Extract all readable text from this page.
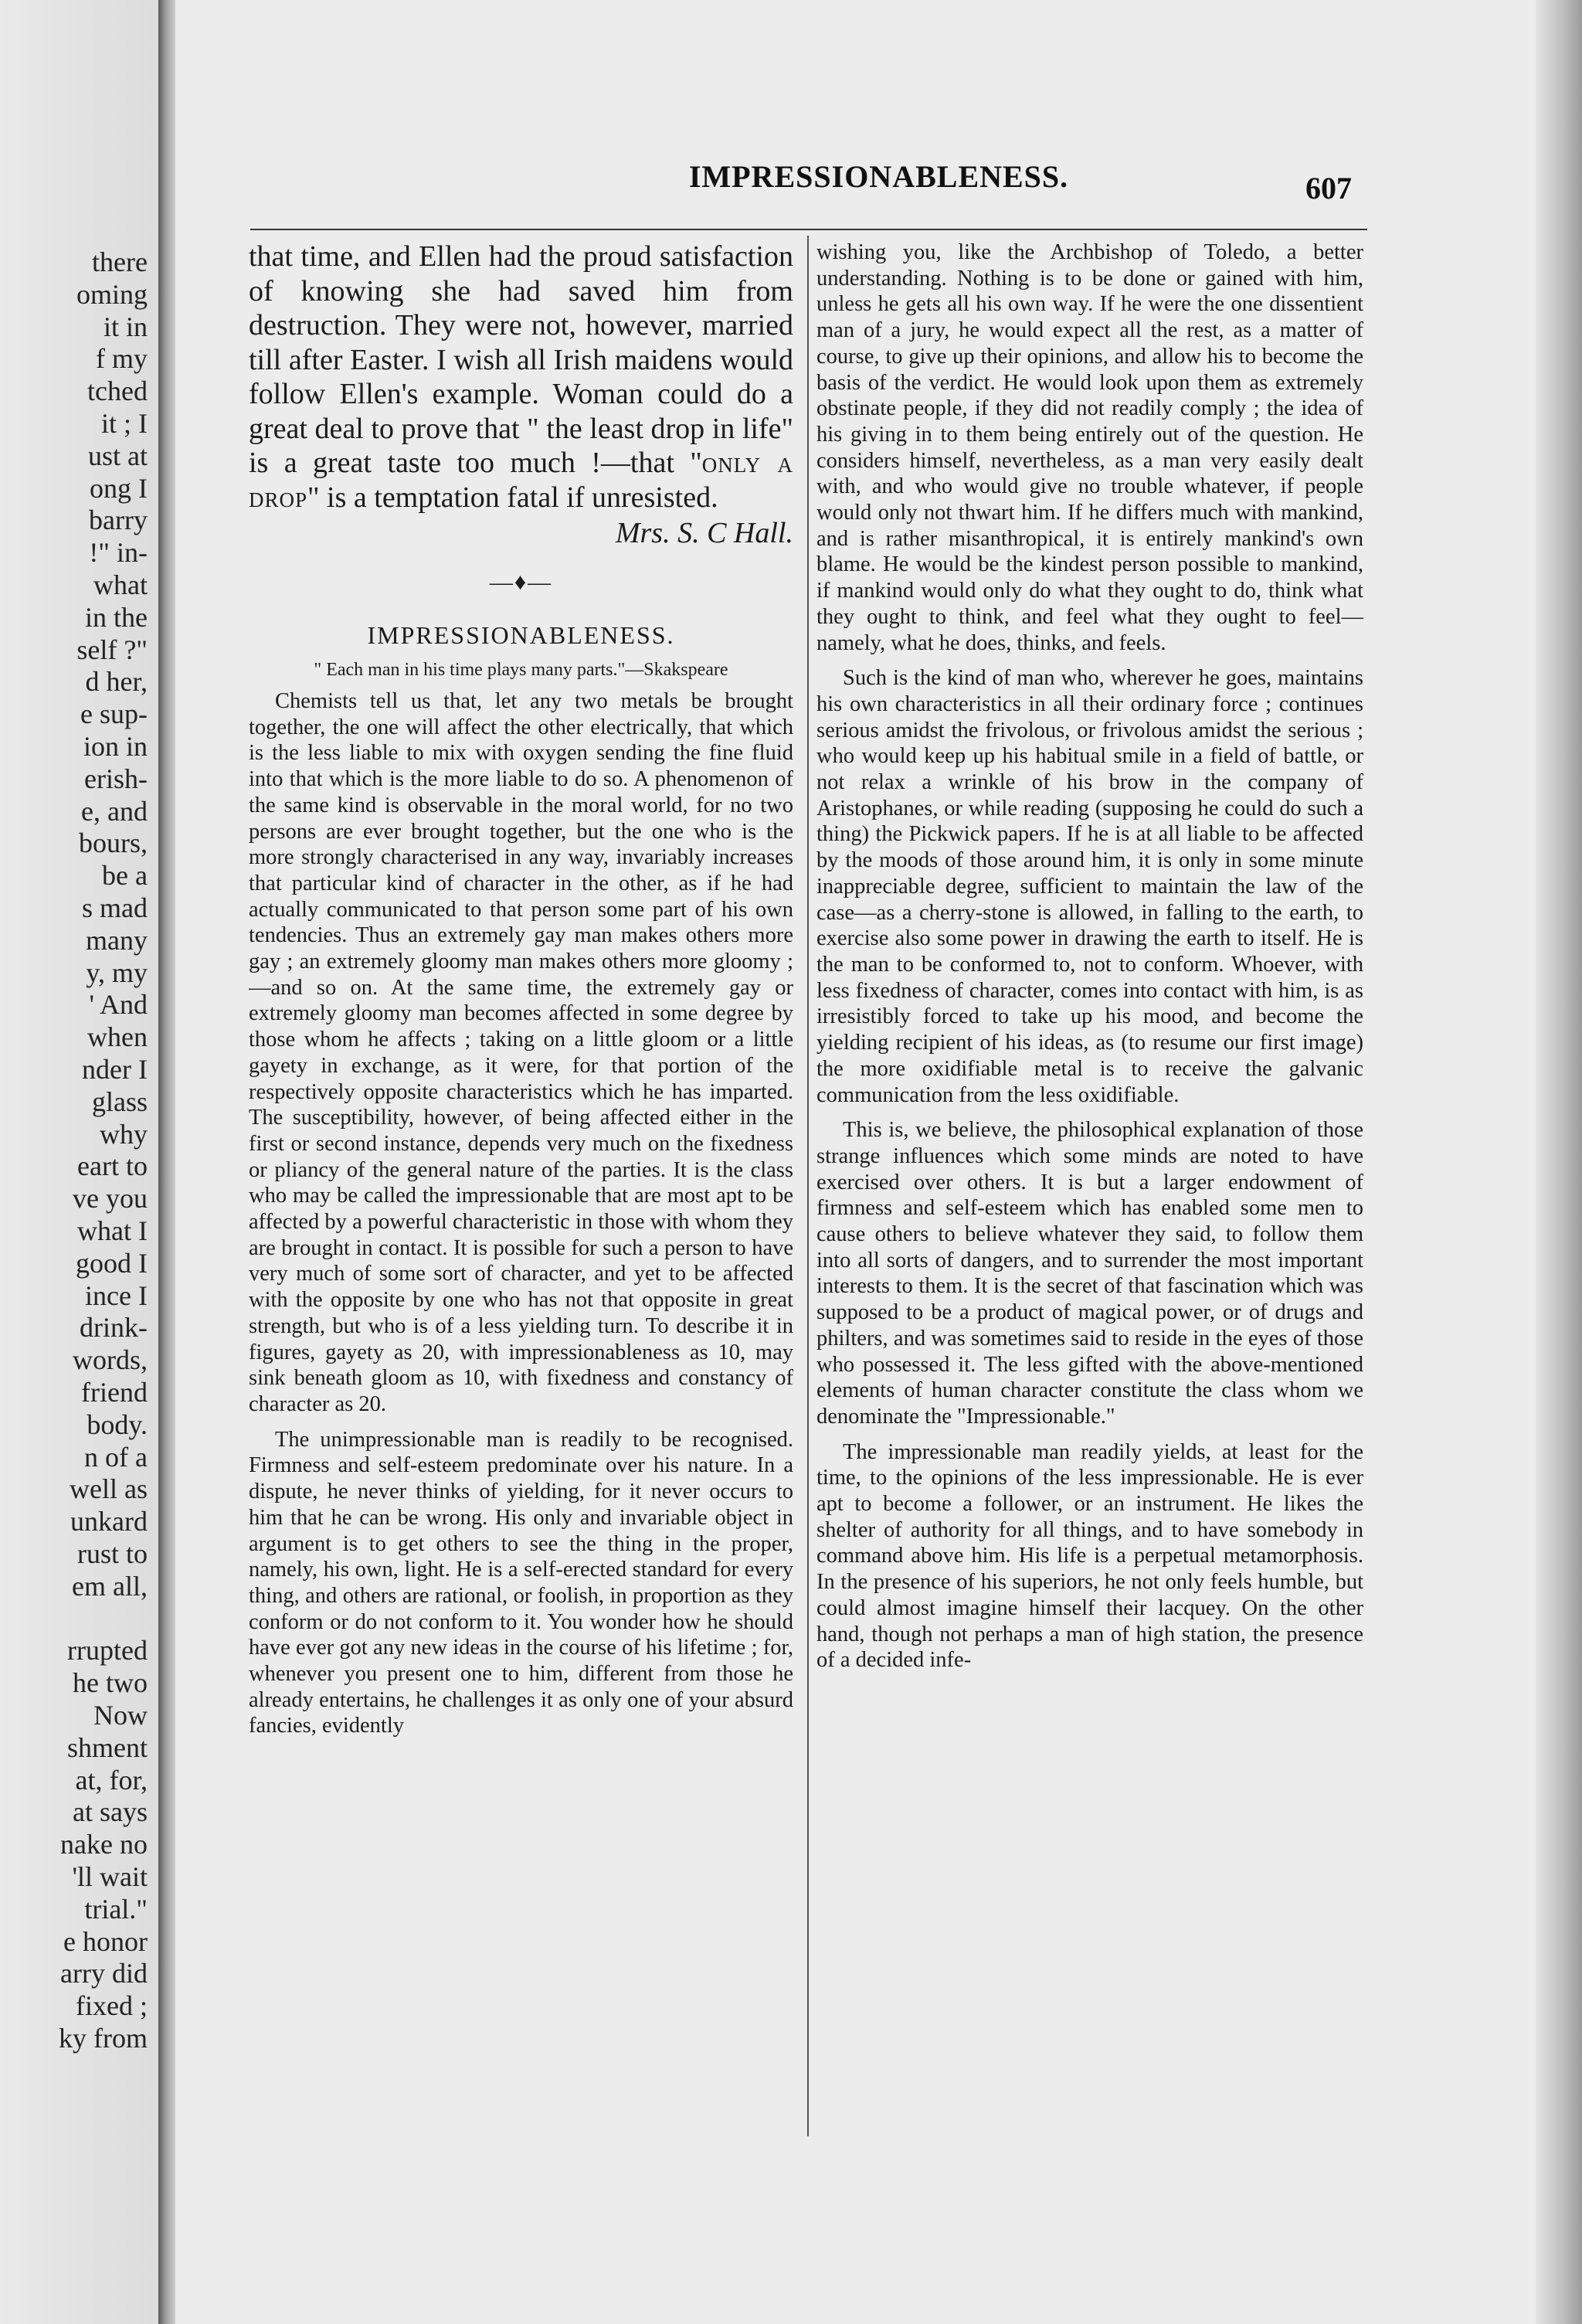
there
oming
it in
f my
tched
it ; I
ust at
ong I
barry
!" in-
what
in the
self ?"
d her,
e sup-
ion in
erish-
e, and
bours,
be a
s mad
many
y, my
' And
when
nder I
glass
why
eart to
ve you
what I
good I
ince I
drink-
words,
friend
body.
n of a
well as
unkard
rust to
em all,
rrupted
he two
Now
shment
at, for,
at says
nake no
'll wait
trial."
e honor
arry did
fixed ;
ky from
IMPRESSIONABLENESS.	607

that time, and Ellen had the proud satisfaction of knowing she had saved him from destruction. They were not, however, married till after Easter. I wish all Irish maidens would follow Ellen's example. Woman could do a great deal to prove that " the least drop in life" is a great taste too much !—that "only a drop" is a temptation fatal if unresisted.

Mrs. S. C Hall.
—♦—
IMPRESSIONABLENESS.
" Each man in his time plays many parts."—Skakspeare

Chemists tell us that, let any two metals be brought together, the one will affect the other electrically, that which is the less liable to mix with oxygen sending the fine fluid into that which is the more liable to do so. A phenomenon of the same kind is observable in the moral world, for no two persons are ever brought together, but the one who is the more strongly characterised in any way, invariably increases that particular kind of character in the other, as if he had actually communicated to that person some part of his own tendencies. Thus an extremely gay man makes others more gay ; an extremely gloomy man makes others more gloomy ;—and so on. At the same time, the extremely gay or extremely gloomy man becomes affected in some degree by those whom he affects ; taking on a little gloom or a little gayety in exchange, as it were, for that portion of the respectively opposite characteristics which he has imparted. The susceptibility, however, of being affected either in the first or second instance, depends very much on the fixedness or pliancy of the general nature of the parties. It is the class who may be called the impressionable that are most apt to be affected by a powerful characteristic in those with whom they are brought in contact. It is possible for such a person to have very much of some sort of character, and yet to be affected with the opposite by one who has not that opposite in great strength, but who is of a less yielding turn. To describe it in figures, gayety as 20, with impressionableness as 10, may sink beneath gloom as 10, with fixedness and constancy of character as 20.

The unimpressionable man is readily to be recognised. Firmness and self-esteem predominate over his nature. In a dispute, he never thinks of yielding, for it never occurs to him that he can be wrong. His only and invariable object in argument is to get others to see the thing in the proper, namely, his own, light. He is a self-erected standard for every thing, and others are rational, or foolish, in proportion as they conform or do not conform to it. You wonder how he should have ever got any new ideas in the course of his lifetime ; for, whenever you present one to him, different from those he already entertains, he challenges it as only one of your absurd fancies, evidently

wishing you, like the Archbishop of Toledo, a better understanding. Nothing is to be done or gained with him, unless he gets all his own way. If he were the one dissentient man of a jury, he would expect all the rest, as a matter of course, to give up their opinions, and allow his to become the basis of the verdict. He would look upon them as extremely obstinate people, if they did not readily comply ; the idea of his giving in to them being entirely out of the question. He considers himself, nevertheless, as a man very easily dealt with, and who would give no trouble whatever, if people would only not thwart him. If he differs much with mankind, and is rather misanthropical, it is entirely mankind's own blame. He would be the kindest person possible to mankind, if mankind would only do what they ought to do, think what they ought to think, and feel what they ought to feel—namely, what he does, thinks, and feels.

Such is the kind of man who, wherever he goes, maintains his own characteristics in all their ordinary force ; continues serious amidst the frivolous, or frivolous amidst the serious ; who would keep up his habitual smile in a field of battle, or not relax a wrinkle of his brow in the company of Aristophanes, or while reading (supposing he could do such a thing) the Pickwick papers. If he is at all liable to be affected by the moods of those around him, it is only in some minute inappreciable degree, sufficient to maintain the law of the case—as a cherry-stone is allowed, in falling to the earth, to exercise also some power in drawing the earth to itself. He is the man to be conformed to, not to conform. Whoever, with less fixedness of character, comes into contact with him, is as irresistibly forced to take up his mood, and become the yielding recipient of his ideas, as (to resume our first image) the more oxidifiable metal is to receive the galvanic communication from the less oxidifiable.

This is, we believe, the philosophical explanation of those strange influences which some minds are noted to have exercised over others. It is but a larger endowment of firmness and self-esteem which has enabled some men to cause others to believe whatever they said, to follow them into all sorts of dangers, and to surrender the most important interests to them. It is the secret of that fascination which was supposed to be a product of magical power, or of drugs and philters, and was sometimes said to reside in the eyes of those who possessed it. The less gifted with the above-mentioned elements of human character constitute the class whom we denominate the "Impressionable."

The impressionable man readily yields, at least for the time, to the opinions of the less impressionable. He is ever apt to become a follower, or an instrument. He likes the shelter of authority for all things, and to have somebody in command above him. His life is a perpetual metamorphosis. In the presence of his superiors, he not only feels humble, but could almost imagine himself their lacquey. On the other hand, though not perhaps a man of high station, the presence of a decided infe-
